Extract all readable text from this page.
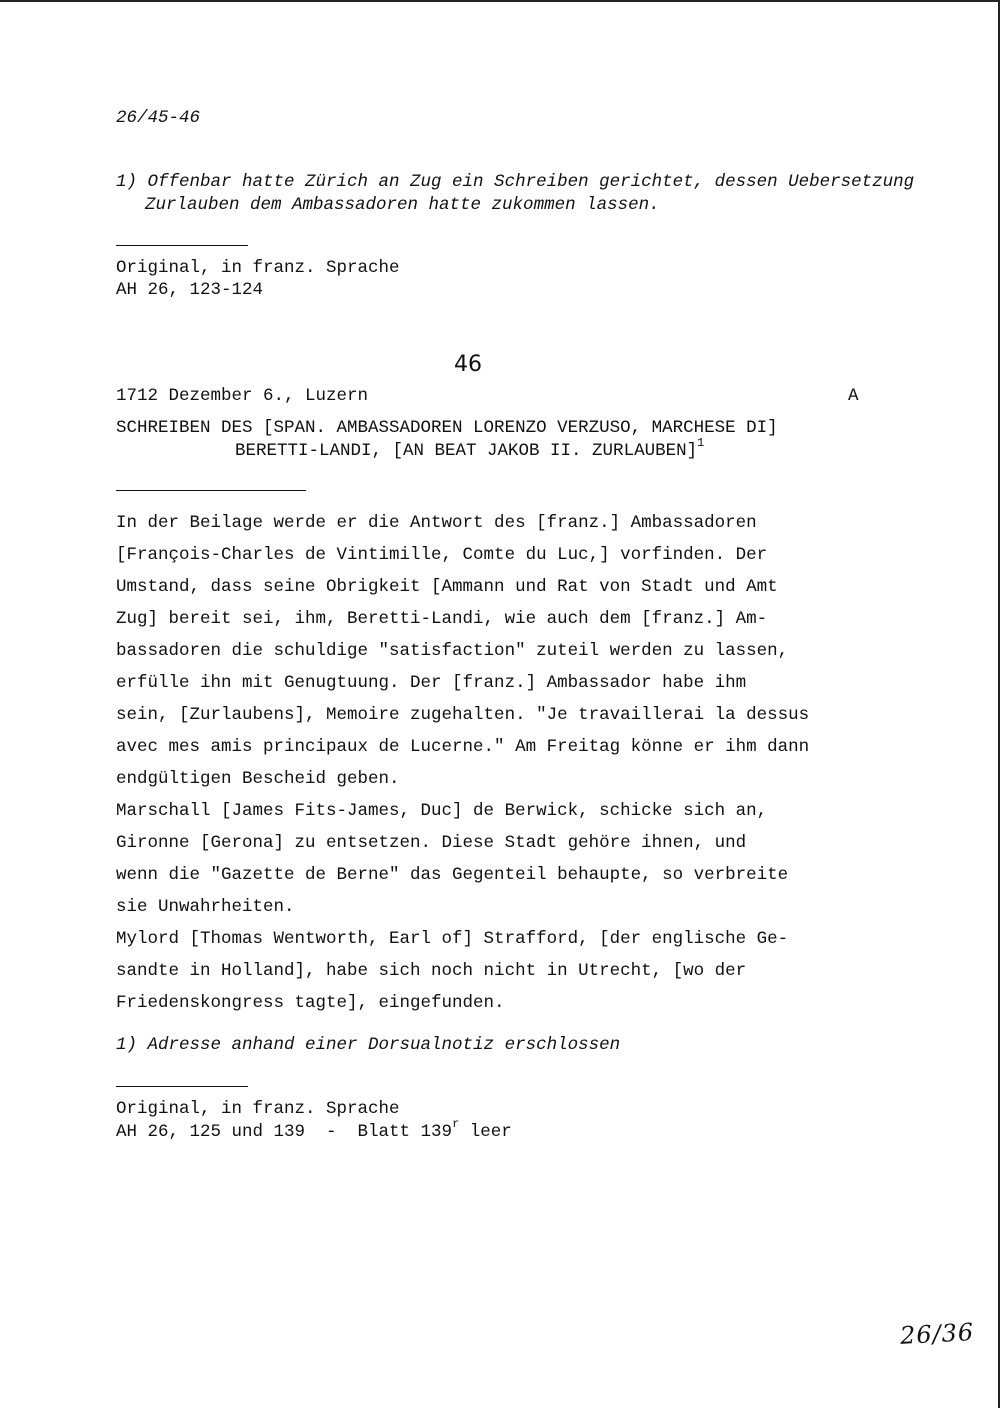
26/45-46
1) Offenbar hatte Zürich an Zug ein Schreiben gerichtet, dessen Uebersetzung
Zurlauben dem Ambassadoren hatte zukommen lassen.
Original, in franz. Sprache
AH 26, 123-124
46
1712 Dezember 6., Luzern	A
SCHREIBEN DES [SPAN. AMBASSADOREN LORENZO VERZUSO, MARCHESE DI]
BERETTI-LANDI, [AN BEAT JAKOB II. ZURLAUBEN]$^1$
In der Beilage werde er die Antwort des [franz.] Ambassadoren
[François-Charles de Vintimille, Comte du Luc,] vorfinden. Der
Umstand, dass seine Obrigkeit [Ammann und Rat von Stadt und Amt
Zug] bereit sei, ihm, Beretti-Landi, wie auch dem [franz.] Am-
bassadoren die schuldige "satisfaction" zuteil werden zu lassen,
erfülle ihn mit Genugtuung. Der [franz.] Ambassador habe ihm
sein, [Zurlaubens], Memoire zugehalten. "Je travaillerai la dessus
avec mes amis principaux de Lucerne." Am Freitag könne er ihm dann
endgültigen Bescheid geben.
Marschall [James Fits-James, Duc] de Berwick, schicke sich an,
Gironne [Gerona] zu entsetzen. Diese Stadt gehöre ihnen, und
wenn die "Gazette de Berne" das Gegenteil behaupte, so verbreite
sie Unwahrheiten.
Mylord [Thomas Wentworth, Earl of] Strafford, [der englische Ge-
sandte in Holland], habe sich noch nicht in Utrecht, [wo der
Friedenskongress tagte], eingefunden.
1) Adresse anhand einer Dorsualnotiz erschlossen
Original, in franz. Sprache
AH 26, 125 und 139  -  Blatt 139$^r$ leer
26/36
